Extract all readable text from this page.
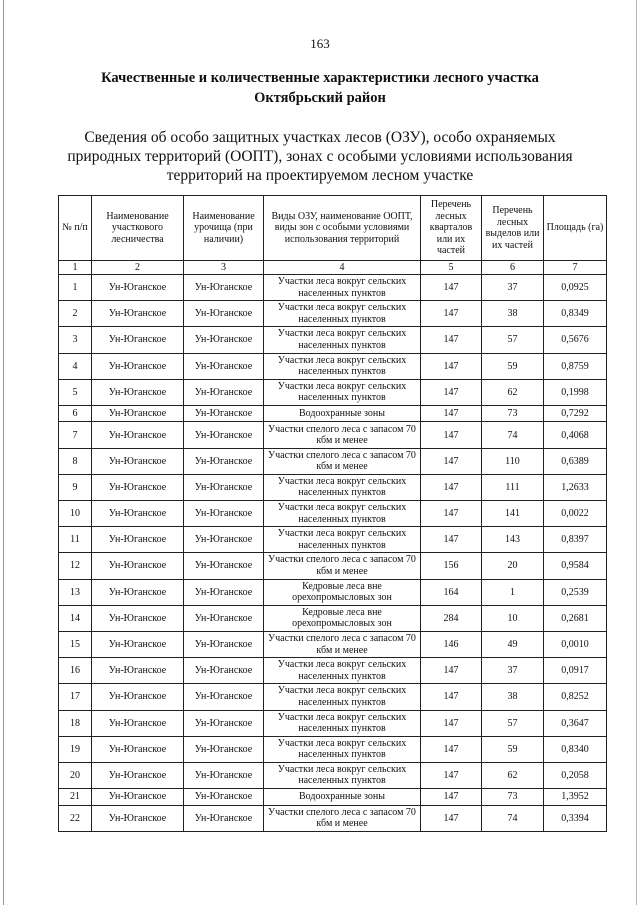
163
Качественные и количественные характеристики лесного участка
Октябрьский район
Сведения об особо защитных участках лесов (ОЗУ), особо охраняемых
природных территорий (ООПТ), зонах с особыми условиями использования
территорий на проектируемом лесном участке
№ п/п	Наименование участкового лесничества	Наименование урочища (при наличии)	Виды ОЗУ, наименование ООПТ, виды зон с особыми условиями использования территорий	Перечень лесных кварталов или их частей	Перечень лесных выделов или их частей	Площадь (га)
1	2	3	4	5	6	7
1	Ун-Юганское	Ун-Юганское	Участки леса вокруг сельских населенных пунктов	147	37	0,0925
2	Ун-Юганское	Ун-Юганское	Участки леса вокруг сельских населенных пунктов	147	38	0,8349
3	Ун-Юганское	Ун-Юганское	Участки леса вокруг сельских населенных пунктов	147	57	0,5676
4	Ун-Юганское	Ун-Юганское	Участки леса вокруг сельских населенных пунктов	147	59	0,8759
5	Ун-Юганское	Ун-Юганское	Участки леса вокруг сельских населенных пунктов	147	62	0,1998
6	Ун-Юганское	Ун-Юганское	Водоохранные зоны	147	73	0,7292
7	Ун-Юганское	Ун-Юганское	Участки спелого леса с запасом 70 кбм и менее	147	74	0,4068
8	Ун-Юганское	Ун-Юганское	Участки спелого леса с запасом 70 кбм и менее	147	110	0,6389
9	Ун-Юганское	Ун-Юганское	Участки леса вокруг сельских населенных пунктов	147	111	1,2633
10	Ун-Юганское	Ун-Юганское	Участки леса вокруг сельских населенных пунктов	147	141	0,0022
11	Ун-Юганское	Ун-Юганское	Участки леса вокруг сельских населенных пунктов	147	143	0,8397
12	Ун-Юганское	Ун-Юганское	Участки спелого леса с запасом 70 кбм и менее	156	20	0,9584
13	Ун-Юганское	Ун-Юганское	Кедровые леса вне орехопромысловых зон	164	1	0,2539
14	Ун-Юганское	Ун-Юганское	Кедровые леса вне орехопромысловых зон	284	10	0,2681
15	Ун-Юганское	Ун-Юганское	Участки спелого леса с запасом 70 кбм и менее	146	49	0,0010
16	Ун-Юганское	Ун-Юганское	Участки леса вокруг сельских населенных пунктов	147	37	0,0917
17	Ун-Юганское	Ун-Юганское	Участки леса вокруг сельских населенных пунктов	147	38	0,8252
18	Ун-Юганское	Ун-Юганское	Участки леса вокруг сельских населенных пунктов	147	57	0,3647
19	Ун-Юганское	Ун-Юганское	Участки леса вокруг сельских населенных пунктов	147	59	0,8340
20	Ун-Юганское	Ун-Юганское	Участки леса вокруг сельских населенных пунктов	147	62	0,2058
21	Ун-Юганское	Ун-Юганское	Водоохранные зоны	147	73	1,3952
22	Ун-Юганское	Ун-Юганское	Участки спелого леса с запасом 70 кбм и менее	147	74	0,3394
